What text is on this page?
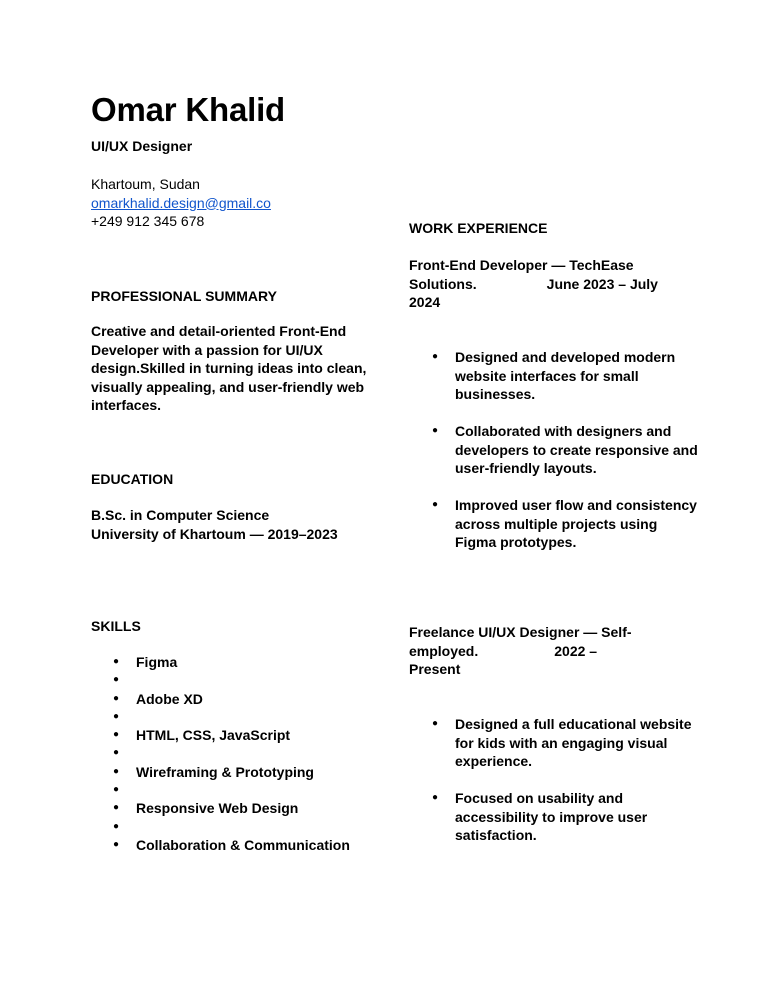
Omar Khalid
UI/UX Designer
Khartoum, Sudan
omarkhalid.design@gmail.co
+249 912 345 678
PROFESSIONAL SUMMARY
Creative and detail-oriented Front-End Developer with a passion for UI/UX design.Skilled in turning ideas into clean, visually appealing, and user-friendly web interfaces.
EDUCATION
B.Sc. in Computer Science
University of Khartoum — 2019–2023
SKILLS
● Figma
●
● Adobe XD
●
● HTML, CSS, JavaScript
●
● Wireframing & Prototyping
●
● Responsive Web Design
●
● Collaboration & Communication
WORK EXPERIENCE
Front-End Developer — TechEase Solutions.	June 2023 – July 2024
● Designed and developed modern website interfaces for small businesses.
● Collaborated with designers and developers to create responsive and user-friendly layouts.
● Improved user flow and consistency across multiple projects using Figma prototypes.
Freelance UI/UX Designer — Self-employed.	2022 – Present
● Designed a full educational website for kids with an engaging visual experience.
● Focused on usability and accessibility to improve user satisfaction.
